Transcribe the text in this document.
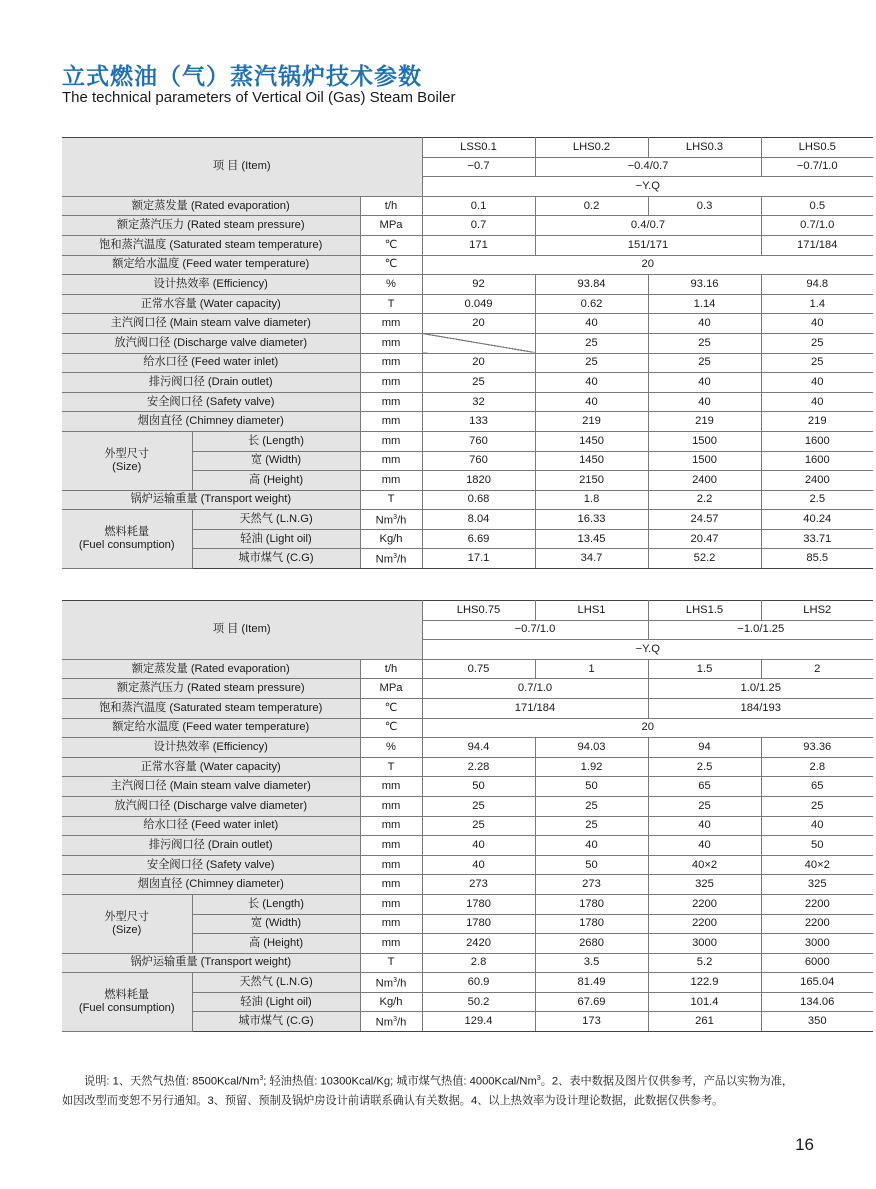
立式燃油（气）蒸汽锅炉技术参数
The technical parameters of Vertical Oil (Gas) Steam Boiler
项 目 (Item)			LSS0.1	LHS0.2	LHS0.3	LHS0.5
			−0.7	−0.4/0.7		−0.7/1.0
			−Y.Q			
额定蒸发量 (Rated evaporation)		t/h	0.1	0.2	0.3	0.5
额定蒸汽压力 (Rated steam pressure)		MPa	0.7	0.4/0.7		0.7/1.0
饱和蒸汽温度 (Saturated steam temperature)		℃	171	151/171		171/184
额定给水温度 (Feed water temperature)		℃	20			
设计热效率 (Efficiency)		%	92	93.84	93.16	94.8
正常水容量 (Water capacity)		T	0.049	0.62	1.14	1.4
主汽阀口径 (Main steam valve diameter)		mm	20	40	40	40
放汽阀口径 (Discharge valve diameter)		mm		25	25	25
给水口径 (Feed water inlet)		mm	20	25	25	25
排污阀口径 (Drain outlet)		mm	25	40	40	40
安全阀口径 (Safety valve)		mm	32	40	40	40
烟囱直径 (Chimney diameter)		mm	133	219	219	219

外型尺寸
(Size)	长 (Length)	mm	760	1450	1500	1600
	宽 (Width)	mm	760	1450	1500	1600
	高 (Height)	mm	1820	2150	2400	2400
锅炉运输重量 (Transport weight)		T	0.68	1.8	2.2	2.5

燃料耗量
(Fuel consumption)	天然气 (L.N.G)	Nm$^3$/h	8.04	16.33	24.57	40.24
	轻油 (Light oil)	Kg/h	6.69	13.45	20.47	33.71
	城市煤气 (C.G)	Nm$^3$/h	17.1	34.7	52.2	85.5
项 目 (Item)			LHS0.75	LHS1	LHS1.5	LHS2
			−0.7/1.0		−1.0/1.25	
			−Y.Q			
额定蒸发量 (Rated evaporation)		t/h	0.75	1	1.5	2
额定蒸汽压力 (Rated steam pressure)		MPa	0.7/1.0		1.0/1.25	
饱和蒸汽温度 (Saturated steam temperature)		℃	171/184		184/193	
额定给水温度 (Feed water temperature)		℃	20			
设计热效率 (Efficiency)		%	94.4	94.03	94	93.36
正常水容量 (Water capacity)		T	2.28	1.92	2.5	2.8
主汽阀口径 (Main steam valve diameter)		mm	50	50	65	65
放汽阀口径 (Discharge valve diameter)		mm	25	25	25	25
给水口径 (Feed water inlet)		mm	25	25	40	40
排污阀口径 (Drain outlet)		mm	40	40	40	50
安全阀口径 (Safety valve)		mm	40	50	40×2	40×2
烟囱直径 (Chimney diameter)		mm	273	273	325	325

外型尺寸
(Size)	长 (Length)	mm	1780	1780	2200	2200
	宽 (Width)	mm	1780	1780	2200	2200
	高 (Height)	mm	2420	2680	3000	3000
锅炉运输重量 (Transport weight)		T	2.8	3.5	5.2	6000

燃料耗量
(Fuel consumption)	天然气 (L.N.G)	Nm$^3$/h	60.9	81.49	122.9	165.04
	轻油 (Light oil)	Kg/h	50.2	67.69	101.4	134.06
	城市煤气 (C.G)	Nm$^3$/h	129.4	173	261	350
说明: 1、天然气热值: 8500Kcal/Nm$^3$; 轻油热值: 10300Kcal/Kg; 城市煤气热值: 4000Kcal/Nm$^3$。2、表中数据及图片仅供参考，产品以实物为准，
如因改型而变恕不另行通知。3、预留、预制及锅炉房设计前请联系确认有关数据。4、以上热效率为设计理论数据，此数据仅供参考。
16
